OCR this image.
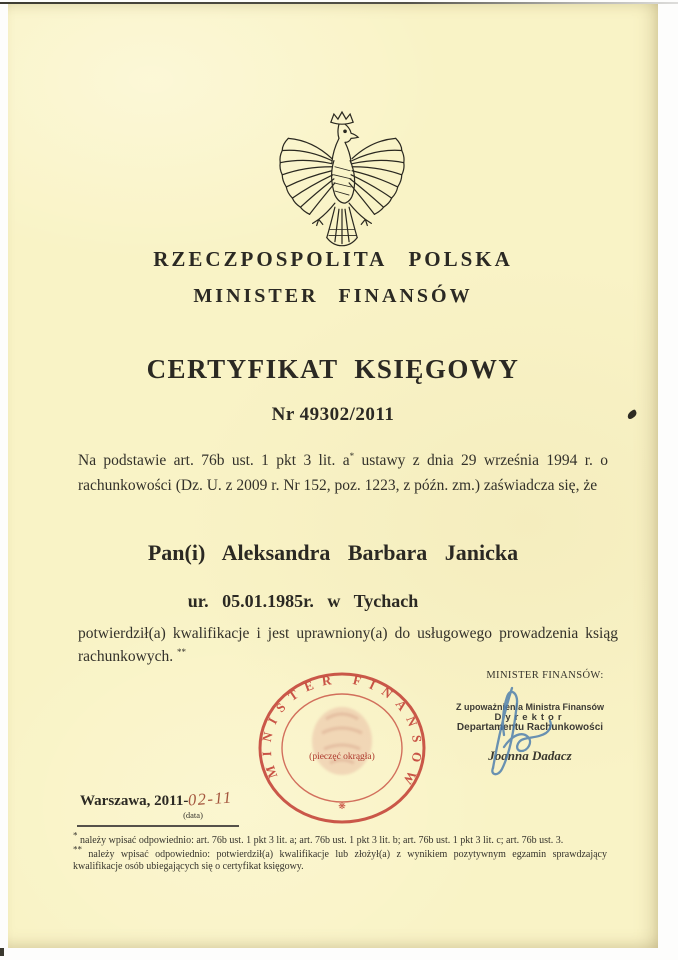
RZECZPOSPOLITA POLSKA
MINISTER FINANSÓW
CERTYFIKAT KSIĘGOWY
Nr 49302/2011

Na podstawie art. 76b ust. 1 pkt 3 lit. a* ustawy z dnia 29 września 1994 r. o rachunkowości (Dz. U. z 2009 r. Nr 152, poz. 1223, z późn. zm.) zaświadcza się, że

Pan(i) Aleksandra Barbara Janicka
ur. 05.01.1985r. w Tychach

potwierdził(a) kwalifikacje i jest uprawniony(a) do usługowego prowadzenia ksiąg rachunkowych. **

MINISTER FINANSÓW:
MINISTER FINANSÓW
(pieczęć okrągła)
❋
Z upoważnienia Ministra Finansów
Dyrektor
Departamentu Rachunkowości
Joanna Dadacz
Warszawa, 2011-02-11
(data)

* należy wpisać odpowiednio: art. 76b ust. 1 pkt 3 lit. a; art. 76b ust. 1 pkt 3 lit. b; art. 76b ust. 1 pkt 3 lit. c; art. 76b ust. 3.

** należy wpisać odpowiednio: potwierdził(a) kwalifikacje lub złożył(a) z wynikiem pozytywnym egzamin sprawdzający kwalifikacje osób ubiegających się o certyfikat księgowy.
